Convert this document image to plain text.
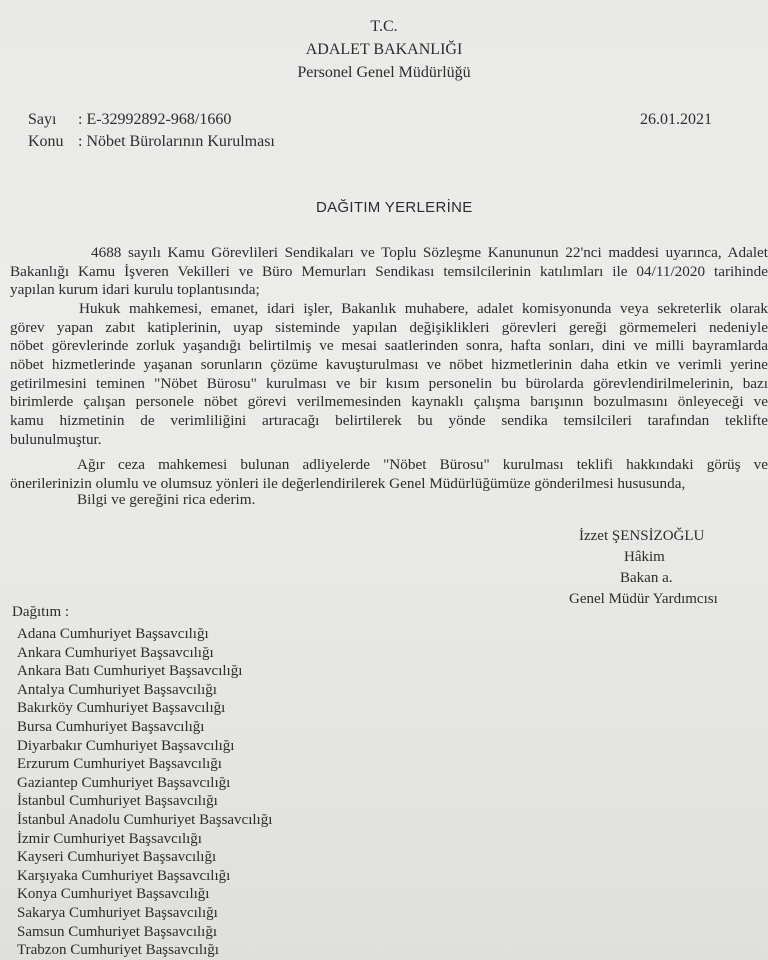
T.C.
ADALET BAKANLIĞI
Personel Genel Müdürlüğü
Sayı : E-32992892-968/1660	26.01.2021
Konu : Nöbet Bürolarının Kurulması
DAĞITIM YERLERİNE
4688 sayılı Kamu Görevlileri Sendikaları ve Toplu Sözleşme Kanununun 22'nci maddesi uyarınca, Adalet
Bakanlığı Kamu İşveren Vekilleri ve Büro Memurları Sendikası temsilcilerinin katılımları ile 04/11/2020 tarihinde
yapılan kurum idari kurulu toplantısında;
Hukuk mahkemesi, emanet, idari işler, Bakanlık muhabere, adalet komisyonunda veya sekreterlik olarak
görev yapan zabıt katiplerinin, uyap sisteminde yapılan değişiklikleri görevleri gereği görmemeleri nedeniyle
nöbet görevlerinde zorluk yaşandığı belirtilmiş ve mesai saatlerinden sonra, hafta sonları, dini ve milli bayramlarda
nöbet hizmetlerinde yaşanan sorunların çözüme kavuşturulması ve nöbet hizmetlerinin daha etkin ve verimli yerine
getirilmesini teminen "Nöbet Bürosu" kurulması ve bir kısım personelin bu bürolarda görevlendirilmelerinin, bazı
birimlerde çalışan personele nöbet görevi verilmemesinden kaynaklı çalışma barışının bozulmasını önleyeceği ve
kamu hizmetinin de verimliliğini artıracağı belirtilerek bu yönde sendika temsilcileri tarafından teklifte
bulunulmuştur.
Ağır ceza mahkemesi bulunan adliyelerde "Nöbet Bürosu" kurulması teklifi hakkındaki görüş ve
önerilerinizin olumlu ve olumsuz yönleri ile değerlendirilerek Genel Müdürlüğümüze gönderilmesi hususunda,
Bilgi ve gereğini rica ederim.
İzzet ŞENSİZOĞLU
Hâkim
Bakan a.
Genel Müdür Yardımcısı
Dağıtım :
Adana Cumhuriyet Başsavcılığı
Ankara Cumhuriyet Başsavcılığı
Ankara Batı Cumhuriyet Başsavcılığı
Antalya Cumhuriyet Başsavcılığı
Bakırköy Cumhuriyet Başsavcılığı
Bursa Cumhuriyet Başsavcılığı
Diyarbakır Cumhuriyet Başsavcılığı
Erzurum Cumhuriyet Başsavcılığı
Gaziantep Cumhuriyet Başsavcılığı
İstanbul Cumhuriyet Başsavcılığı
İstanbul Anadolu Cumhuriyet Başsavcılığı
İzmir Cumhuriyet Başsavcılığı
Kayseri Cumhuriyet Başsavcılığı
Karşıyaka Cumhuriyet Başsavcılığı
Konya Cumhuriyet Başsavcılığı
Sakarya Cumhuriyet Başsavcılığı
Samsun Cumhuriyet Başsavcılığı
Trabzon Cumhuriyet Başsavcılığı
